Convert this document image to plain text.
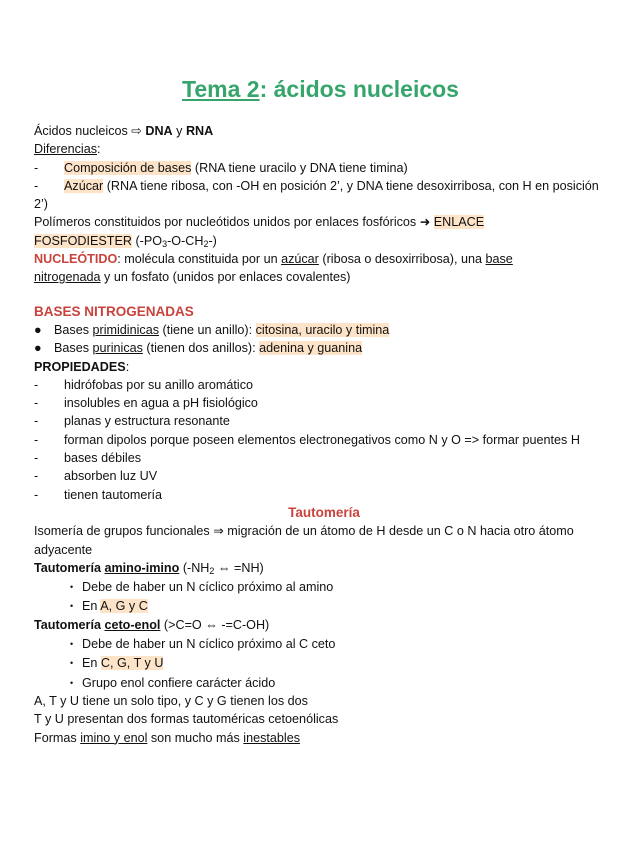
Tema 2: ácidos nucleicos
Ácidos nucleicos ⇨ DNA y RNA
Diferencias:
- Composición de bases (RNA tiene uracilo y DNA tiene timina)
- Azúcar (RNA tiene ribosa, con -OH en posición 2’, y DNA tiene desoxirribosa, con H en posición 2’)
Polímeros constituidos por nucleótidos unidos por enlaces fosfóricos ➜ ENLACE
FOSFODIESTER $(-PO_3-O-CH_2-)$
NUCLEÓTIDO: molécula constituida por un azúcar (ribosa o desoxirribosa), una base
nitrogenada y un fosfato (unidos por enlaces covalentes)
BASES NITROGENADAS
● Bases primidinicas (tiene un anillo): citosina, uracilo y timina
● Bases purinicas (tienen dos anillos): adenina y guanina
PROPIEDADES:
- hidrófobas por su anillo aromático
- insolubles en agua a pH fisiológico
- planas y estructura resonante
- forman dipolos porque poseen elementos electronegativos como N y O => formar puentes H
- bases débiles
- absorben luz UV
- tienen tautomería
Tautomería
Isomería de grupos funcionales ⇒ migración de un átomo de H desde un C o N hacia otro átomo adyacente
Tautomería amino-imino ($-NH_2$ ⇔ =NH)
• Debe de haber un N cíclico próximo al amino
• En A, G y C
Tautomería ceto-enol (>C=O ⇔ -=C-OH)
• Debe de haber un N cíclico próximo al C ceto
• En C, G, T y U
• Grupo enol confiere carácter ácido
A, T y U tiene un solo tipo, y C y G tienen los dos
T y U presentan dos formas tautoméricas cetoenólicas
Formas imino y enol son mucho más inestables
